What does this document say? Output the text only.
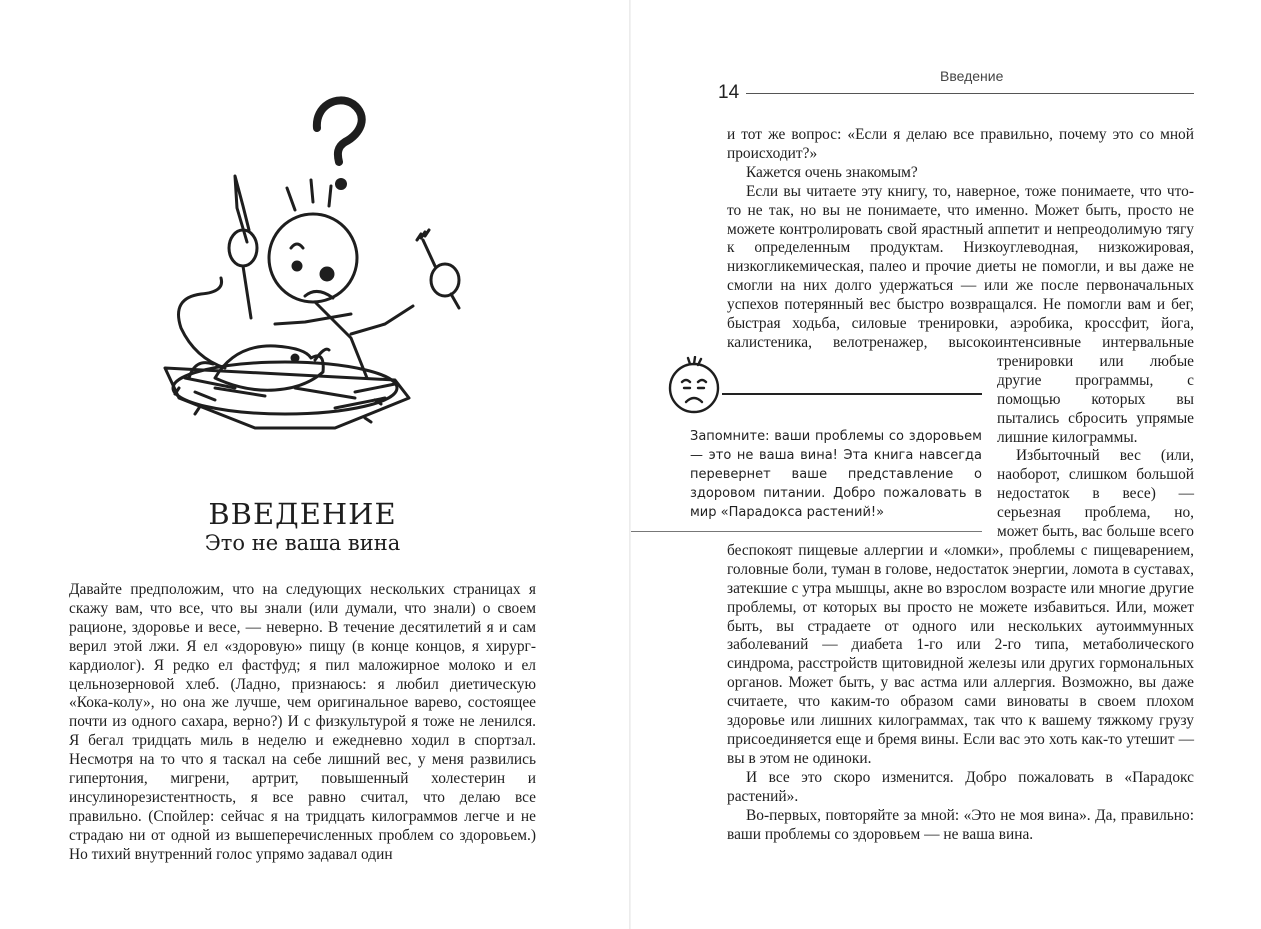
ВВЕДЕНИЕ
Это не ваша вина

Давайте предположим, что на следующих нескольких страницах я скажу вам, что все, что вы знали (или думали, что знали) о своем рационе, здоровье и весе, — неверно. В течение десятилетий я и сам верил этой лжи. Я ел «здоровую» пищу (в конце концов, я хирург-кардиолог). Я редко ел фастфуд; я пил маложирное молоко и ел цельнозерновой хлеб. (Ладно, признаюсь: я любил диетическую «Кока-колу», но она же лучше, чем оригинальное варево, состоящее почти из одного сахара, верно?) И с физкультурой я тоже не ленился. Я бегал тридцать миль в неделю и ежедневно ходил в спортзал. Несмотря на то что я таскал на себе лишний вес, у меня развились гипертония, мигрени, артрит, повышенный холестерин и инсулинорезистентность, я все равно считал, что делаю все правильно. (Спойлер: сейчас я на тридцать килограммов легче и не страдаю ни от одной из вышеперечисленных проблем со здоровьем.) Но тихий внутренний голос упрямо задавал один

Введение
14

и тот же вопрос: «Если я делаю все правильно, почему это со мной происходит?»

Кажется очень знакомым?

Если вы читаете эту книгу, то, наверное, тоже понимаете, что что-то не так, но вы не понимаете, что именно. Может быть, просто не можете контролировать свой ярастный аппетит и непреодолимую тягу к определенным продуктам. Низкоуглеводная, низкожировая, низкогликемическая, палео и прочие диеты не помогли, и вы даже не смогли на них долго удержаться — или же после первоначальных успехов потерянный вес быстро возвращался. Не помогли вам и бег, быстрая ходьба, силовые тренировки, аэробика, кроссфит, йога, калистеника, велотренажер, высокоинтенсивные интервальные тренировки или любые другие программы, с помощью которых вы пытались сбросить упрямые лишние килограммы.

Избыточный вес (или, наоборот, слишком большой недостаток в весе) — серьезная проблема, но, может быть, вас больше всего беспокоят пищевые аллергии и «ломки», проблемы с пищеварением, головные боли, туман в голове, недостаток энергии, ломота в суставах, затекшие с утра мышцы, акне во взрослом возрасте или многие другие проблемы, от которых вы просто не можете избавиться. Или, может быть, вы страдаете от одного или нескольких аутоиммунных заболеваний — диабета 1-го или 2-го типа, метаболического синдрома, расстройств щитовидной железы или других гормональных органов. Может быть, у вас астма или аллергия. Возможно, вы даже считаете, что каким-то образом сами виноваты в своем плохом здоровье или лишних килограммах, так что к вашему тяжкому грузу присоединяется еще и бремя вины. Если вас это хоть как-то утешит — вы в этом не одиноки.

И все это скоро изменится. Добро пожаловать в «Парадокс растений».

Во-первых, повторяйте за мной: «Это не моя вина». Да, правильно: ваши проблемы со здоровьем — не ваша вина.

Запомните: ваши проблемы со здоровьем — это не ваша вина! Эта книга навсегда перевернет ваше представление о здоровом питании. Добро пожаловать в мир «Парадокса растений!»
